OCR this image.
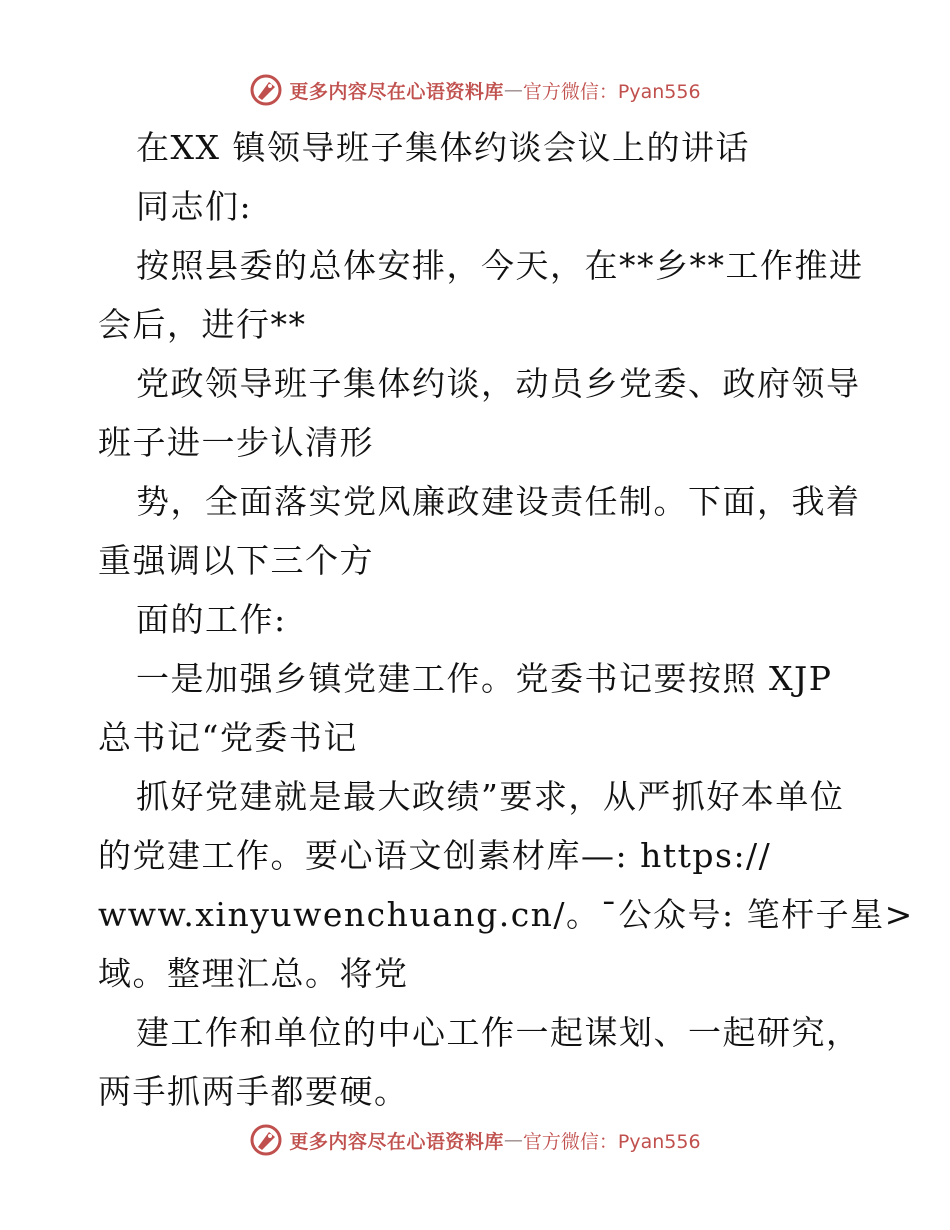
更多内容尽在心语资料库 — 官方微信：Pyan556
在XX 镇领导班子集体约谈会议上的讲话
同志们:
按照县委的总体安排，今天，在**乡**工作推进
会后，进行**
党政领导班子集体约谈，动员乡党委、政府领导
班子进一步认清形
势，全面落实党风廉政建设责任制。下面，我着
重强调以下三个方
面的工作:
一是加强乡镇党建工作。党委书记要按照 XJP
总书记“党委书记
抓好党建就是最大政绩”要求，从严抓好本单位
的党建工作。要心语文创素材库—: https://
www.xinyuwenchuang.cn/。¯公众号: 笔杆子星>
域。整理汇总。将党
建工作和单位的中心工作一起谋划、一起研究，
两手抓两手都要硬。
更多内容尽在心语资料库 — 官方微信：Pyan556
